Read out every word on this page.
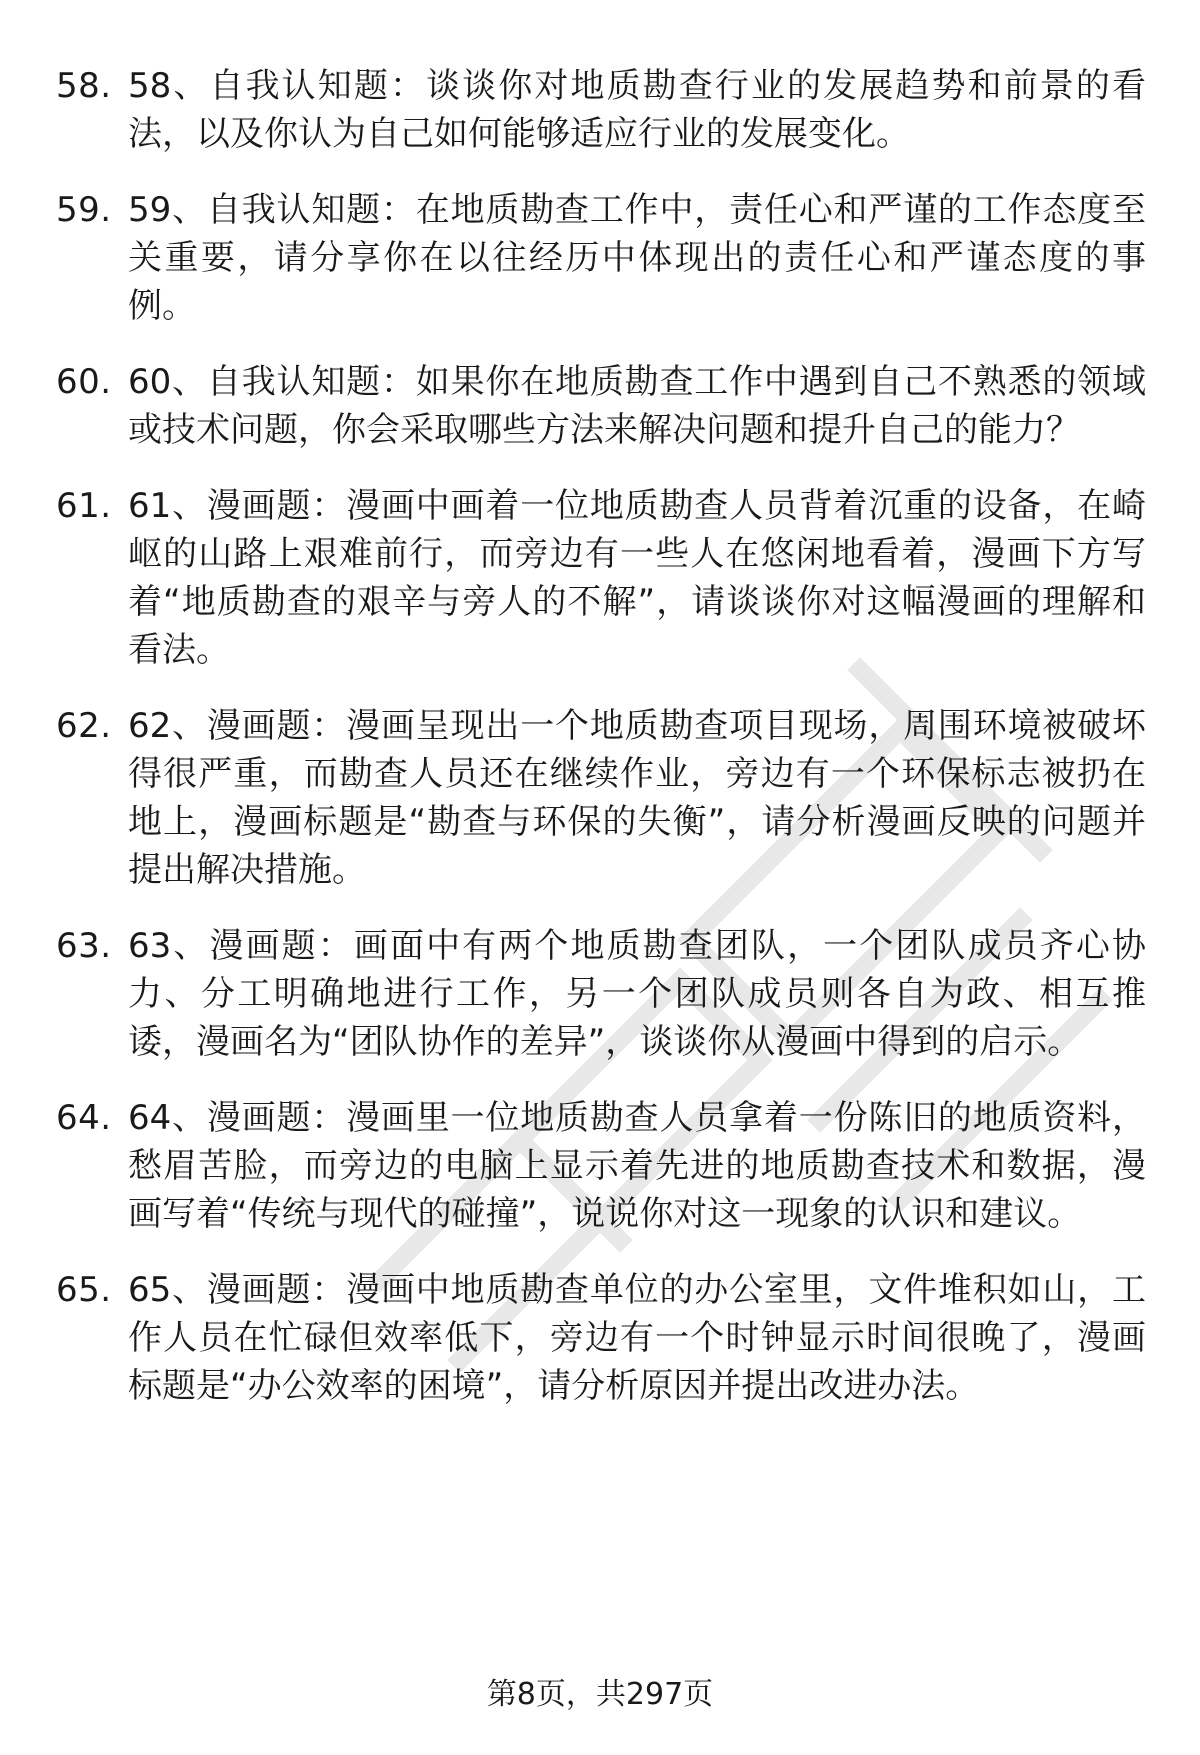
58. 58、自我认知题：谈谈你对地质勘查行业的发展趋势和前景的看法，以及你认为自己如何能够适应行业的发展变化。
59. 59、自我认知题：在地质勘查工作中，责任心和严谨的工作态度至关重要，请分享你在以往经历中体现出的责任心和严谨态度的事例。
60. 60、自我认知题：如果你在地质勘查工作中遇到自己不熟悉的领域或技术问题，你会采取哪些方法来解决问题和提升自己的能力？
61. 61、漫画题：漫画中画着一位地质勘查人员背着沉重的设备，在崎岖的山路上艰难前行，而旁边有一些人在悠闲地看着，漫画下方写着“地质勘查的艰辛与旁人的不解”，请谈谈你对这幅漫画的理解和看法。
62. 62、漫画题：漫画呈现出一个地质勘查项目现场，周围环境被破坏得很严重，而勘查人员还在继续作业，旁边有一个环保标志被扔在地上，漫画标题是“勘查与环保的失衡”，请分析漫画反映的问题并提出解决措施。
63. 63、漫画题：画面中有两个地质勘查团队，一个团队成员齐心协力、分工明确地进行工作，另一个团队成员则各自为政、相互推诿，漫画名为“团队协作的差异”，谈谈你从漫画中得到的启示。
64. 64、漫画题：漫画里一位地质勘查人员拿着一份陈旧的地质资料，愁眉苦脸，而旁边的电脑上显示着先进的地质勘查技术和数据，漫画写着“传统与现代的碰撞”，说说你对这一现象的认识和建议。
65. 65、漫画题：漫画中地质勘查单位的办公室里，文件堆积如山，工作人员在忙碌但效率低下，旁边有一个时钟显示时间很晚了，漫画标题是“办公效率的困境”，请分析原因并提出改进办法。
第8页，共297页
